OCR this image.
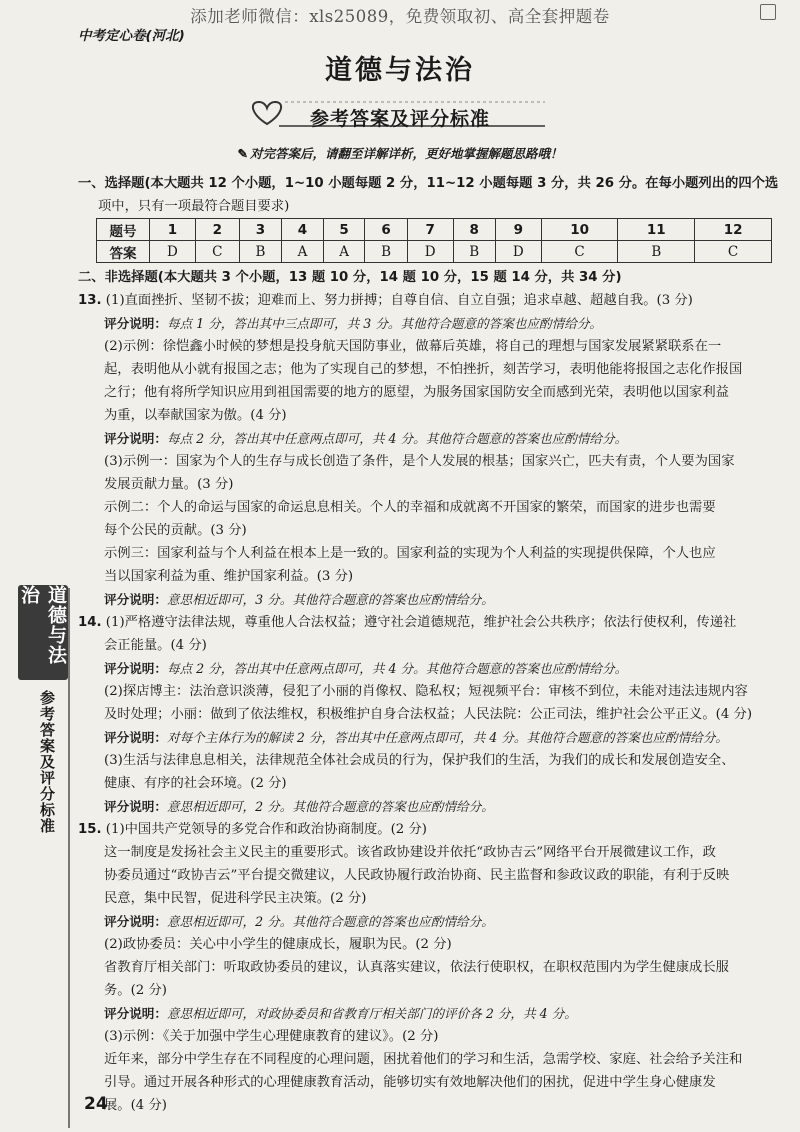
添加老师微信：xls25089，免费领取初、高全套押题卷
中考定心卷(河北)
道德与法治
参考答案及评分标准
✎ 对完答案后，请翻至详解详析，更好地掌握解题思路哦！

一、选择题(本大题共 12 个小题，1~10 小题每题 2 分，11~12 小题每题 3 分，共 26 分。在每小题列出的四个选

项中，只有一项最符合题目要求)

题号	1	2	3	4	5	6	7	8	9	10	11	12
答案	D	C	B	A	A	B	D	B	D	C	B	C

二、非选择题(本大题共 3 个小题，13 题 10 分，14 题 10 分，15 题 14 分，共 34 分)

13. (1)直面挫折、坚韧不拔；迎难而上、努力拼搏；自尊自信、自立自强；追求卓越、超越自我。(3 分)

评分说明：每点 1 分，答出其中三点即可，共 3 分。其他符合题意的答案也应酌情给分。

(2)示例：徐恺鑫小时候的梦想是投身航天国防事业，做幕后英雄，将自己的理想与国家发展紧紧联系在一

起，表明他从小就有报国之志；他为了实现自己的梦想，不怕挫折，刻苦学习，表明他能将报国之志化作报国

之行；他有将所学知识应用到祖国需要的地方的愿望，为服务国家国防安全而感到光荣，表明他以国家利益

为重，以奉献国家为傲。(4 分)

评分说明：每点 2 分，答出其中任意两点即可，共 4 分。其他符合题意的答案也应酌情给分。

(3)示例一：国家为个人的生存与成长创造了条件，是个人发展的根基；国家兴亡，匹夫有责，个人要为国家

发展贡献力量。(3 分)

示例二：个人的命运与国家的命运息息相关。个人的幸福和成就离不开国家的繁荣，而国家的进步也需要

每个公民的贡献。(3 分)

示例三：国家利益与个人利益在根本上是一致的。国家利益的实现为个人利益的实现提供保障，个人也应

当以国家利益为重、维护国家利益。(3 分)

评分说明：意思相近即可，3 分。其他符合题意的答案也应酌情给分。

14. (1)严格遵守法律法规，尊重他人合法权益；遵守社会道德规范，维护社会公共秩序；依法行使权利，传递社

会正能量。(4 分)

评分说明：每点 2 分，答出其中任意两点即可，共 4 分。其他符合题意的答案也应酌情给分。

(2)探店博主：法治意识淡薄，侵犯了小丽的肖像权、隐私权；短视频平台：审核不到位，未能对违法违规内容

及时处理；小丽：做到了依法维权，积极维护自身合法权益；人民法院：公正司法，维护社会公平正义。(4 分)

评分说明：对每个主体行为的解读 2 分，答出其中任意两点即可，共 4 分。其他符合题意的答案也应酌情给分。

(3)生活与法律息息相关，法律规范全体社会成员的行为，保护我们的生活，为我们的成长和发展创造安全、

健康、有序的社会环境。(2 分)

评分说明：意思相近即可，2 分。其他符合题意的答案也应酌情给分。

15. (1)中国共产党领导的多党合作和政治协商制度。(2 分)

这一制度是发扬社会主义民主的重要形式。该省政协建设并依托“政协吉云”网络平台开展微建议工作，政

协委员通过“政协吉云”平台提交微建议，人民政协履行政治协商、民主监督和参政议政的职能，有利于反映

民意，集中民智，促进科学民主决策。(2 分)

评分说明：意思相近即可，2 分。其他符合题意的答案也应酌情给分。

(2)政协委员：关心中小学生的健康成长，履职为民。(2 分)

省教育厅相关部门：听取政协委员的建议，认真落实建议，依法行使职权，在职权范围内为学生健康成长服

务。(2 分)

评分说明：意思相近即可，对政协委员和省教育厅相关部门的评价各 2 分，共 4 分。

(3)示例：《关于加强中学生心理健康教育的建议》。(2 分)

近年来，部分中学生存在不同程度的心理问题，困扰着他们的学习和生活，急需学校、家庭、社会给予关注和

引导。通过开展各种形式的心理健康教育活动，能够切实有效地解决他们的困扰，促进中学生身心健康发

展。(4 分)

道德与法治
参考答案及评分标准
24
